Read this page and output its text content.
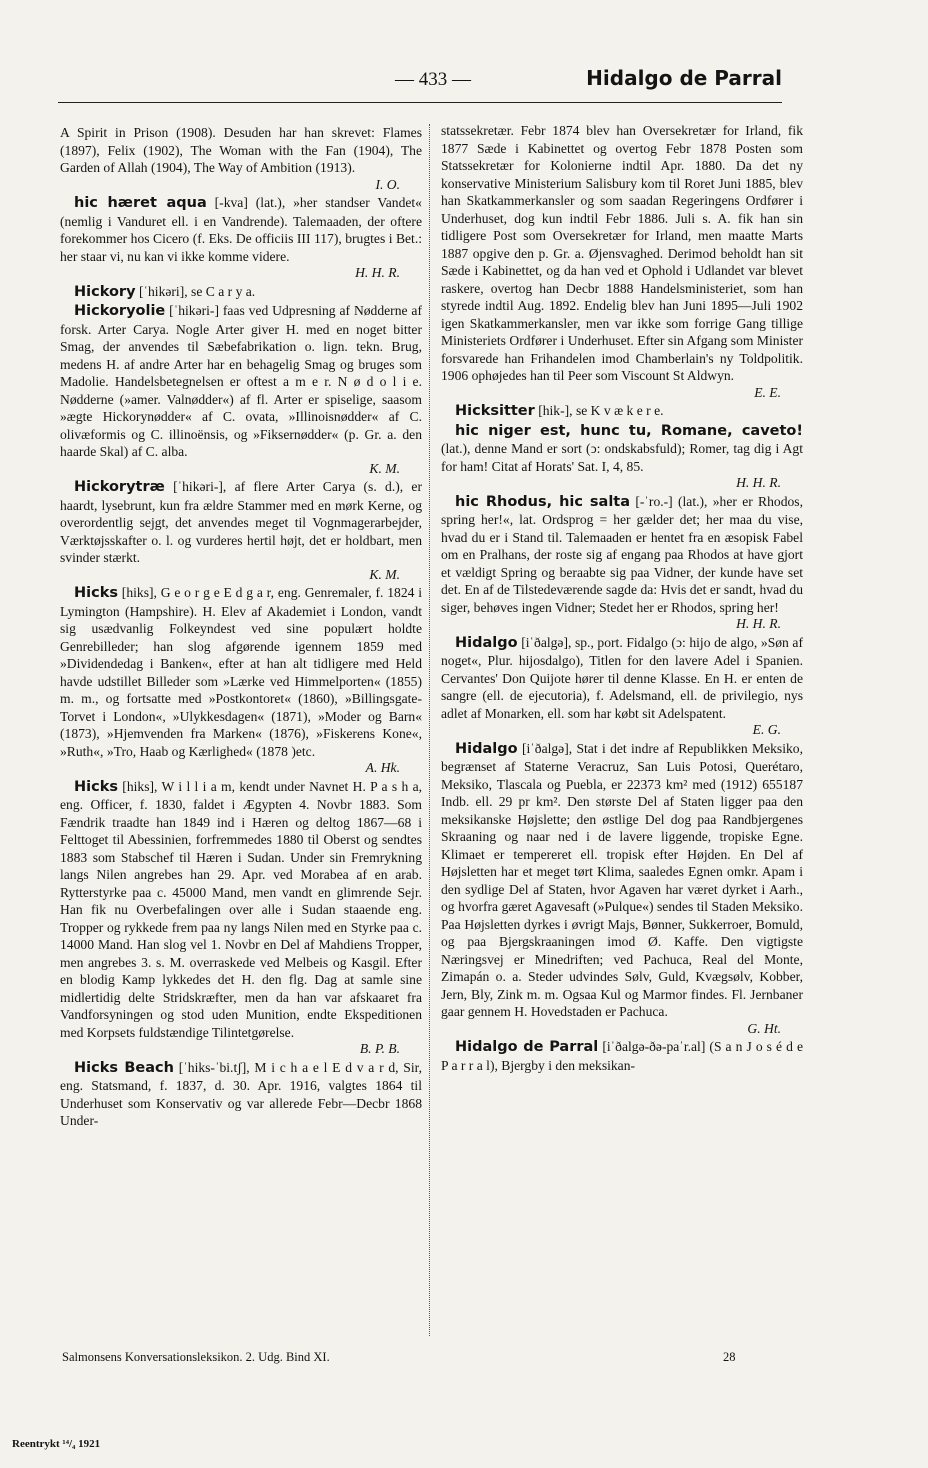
— 433 —	Hidalgo de Parral

A Spirit in Prison (1908). Desuden har han skrevet: Flames (1897), Felix (1902), The Woman with the Fan (1904), The Garden of Allah (1904), The Way of Ambition (1913).
I. O.

hic hæret aqua [-kva] (lat.), »her standser Vandet« (nemlig i Vanduret ell. i en Vandrende). Talemaaden, der oftere forekommer hos Cicero (f. Eks. De officiis III 117), brugtes i Bet.: her staar vi, nu kan vi ikke komme videre.
H. H. R.

Hickory [ˈhikəri], se C a r y a.

Hickoryolie [ˈhikəri-] faas ved Udpresning af Nødderne af forsk. Arter Carya. Nogle Arter giver H. med en noget bitter Smag, der anvendes til Sæbefabrikation o. lign. tekn. Brug, medens H. af andre Arter har en behagelig Smag og bruges som Madolie. Handelsbetegnelsen er oftest a m e r. N ø d o l i e. Nødderne (»amer. Valnødder«) af fl. Arter er spiselige, saasom »ægte Hickorynødder« af C. ovata, »Illinoisnødder« af C. olivæformis og C. illinoënsis, og »Fiksernødder« (p. Gr. a. den haarde Skal) af C. alba.
K. M.

Hickorytræ [ˈhikəri-], af flere Arter Carya (s. d.), er haardt, lysebrunt, kun fra ældre Stammer med en mørk Kerne, og overordentlig sejgt, det anvendes meget til Vognmagerarbejder, Værktøjsskafter o. l. og vurderes hertil højt, det er holdbart, men svinder stærkt.
K. M.

Hicks [hiks], G e o r g e E d g a r, eng. Genremaler, f. 1824 i Lymington (Hampshire). H. Elev af Akademiet i London, vandt sig usædvanlig Folkeyndest ved sine populært holdte Genrebilleder; han slog afgørende igennem 1859 med »Dividendedag i Banken«, efter at han alt tidligere med Held havde udstillet Billeder som »Lærke ved Himmelporten« (1855) m. m., og fortsatte med »Postkontoret« (1860), »Billingsgate-Torvet i London«, »Ulykkesdagen« (1871), »Moder og Barn« (1873), »Hjemvenden fra Marken« (1876), »Fiskerens Kone«, »Ruth«, »Tro, Haab og Kærlighed« (1878 )etc.
A. Hk.

Hicks [hiks], W i l l i a m, kendt under Navnet H. P a s h a, eng. Officer, f. 1830, faldet i Ægypten 4. Novbr 1883. Som Fændrik traadte han 1849 ind i Hæren og deltog 1867—68 i Felttoget til Abessinien, forfremmedes 1880 til Oberst og sendtes 1883 som Stabschef til Hæren i Sudan. Under sin Fremrykning langs Nilen angrebes han 29. Apr. ved Morabea af en arab. Rytterstyrke paa c. 45000 Mand, men vandt en glimrende Sejr. Han fik nu Overbefalingen over alle i Sudan staaende eng. Tropper og rykkede frem paa ny langs Nilen med en Styrke paa c. 14000 Mand. Han slog vel 1. Novbr en Del af Mahdiens Tropper, men angrebes 3. s. M. overraskede ved Melbeis og Kasgil. Efter en blodig Kamp lykkedes det H. den flg. Dag at samle sine midlertidig delte Stridskræfter, men da han var afskaaret fra Vandforsyningen og stod uden Munition, endte Ekspeditionen med Korpsets fuldstændige Tilintetgørelse.
B. P. B.

Hicks Beach [ˈhiks-ˈbi.tʃ], M i c h a e l E d v a r d, Sir, eng. Statsmand, f. 1837, d. 30. Apr. 1916, valgtes 1864 til Underhuset som Konservativ og var allerede Febr—Decbr 1868 Under-

statssekretær. Febr 1874 blev han Oversekretær for Irland, fik 1877 Sæde i Kabinettet og overtog Febr 1878 Posten som Statssekretær for Kolonierne indtil Apr. 1880. Da det ny konservative Ministerium Salisbury kom til Roret Juni 1885, blev han Skatkammerkansler og som saadan Regeringens Ordfører i Underhuset, dog kun indtil Febr 1886. Juli s. A. fik han sin tidligere Post som Oversekretær for Irland, men maatte Marts 1887 opgive den p. Gr. a. Øjensvaghed. Derimod beholdt han sit Sæde i Kabinettet, og da han ved et Ophold i Udlandet var blevet raskere, overtog han Decbr 1888 Handelsministeriet, som han styrede indtil Aug. 1892. Endelig blev han Juni 1895—Juli 1902 igen Skatkammerkansler, men var ikke som forrige Gang tillige Ministeriets Ordfører i Underhuset. Efter sin Afgang som Minister forsvarede han Frihandelen imod Chamberlain's ny Toldpolitik. 1906 ophøjedes han til Peer som Viscount St Aldwyn.
E. E.

Hicksitter [hik-], se K v æ k e r e.

hic niger est, hunc tu, Romane, caveto! (lat.), denne Mand er sort (ↄ: ondskabsfuld); Romer, tag dig i Agt for ham! Citat af Horats' Sat. I, 4, 85.
H. H. R.

hic Rhodus, hic salta [-ˈro.-] (lat.), »her er Rhodos, spring her!«, lat. Ordsprog = her gælder det; her maa du vise, hvad du er i Stand til. Talemaaden er hentet fra en æsopisk Fabel om en Pralhans, der roste sig af engang paa Rhodos at have gjort et vældigt Spring og beraabte sig paa Vidner, der kunde have set det. En af de Tilstedeværende sagde da: Hvis det er sandt, hvad du siger, behøves ingen Vidner; Stedet her er Rhodos, spring her!
H. H. R.

Hidalgo [iˈðalgə], sp., port. Fidalgo (ↄ: hijo de algo, »Søn af noget«, Plur. hijosdalgo), Titlen for den lavere Adel i Spanien. Cervantes' Don Quijote hører til denne Klasse. En H. er enten de sangre (ell. de ejecutoria), f. Adelsmand, ell. de privilegio, nys adlet af Monarken, ell. som har købt sit Adelspatent.
E. G.

Hidalgo [iˈðalgə], Stat i det indre af Republikken Meksiko, begrænset af Staterne Veracruz, San Luis Potosi, Querétaro, Meksiko, Tlascala og Puebla, er 22373 km² med (1912) 655187 Indb. ell. 29 pr km². Den største Del af Staten ligger paa den meksikanske Højslette; den østlige Del dog paa Randbjergenes Skraaning og naar ned i de lavere liggende, tropiske Egne. Klimaet er tempereret ell. tropisk efter Højden. En Del af Højsletten har et meget tørt Klima, saaledes Egnen omkr. Apam i den sydlige Del af Staten, hvor Agaven har været dyrket i Aarh., og hvorfra gæret Agavesaft (»Pulque«) sendes til Staden Meksiko. Paa Højsletten dyrkes i øvrigt Majs, Bønner, Sukkerroer, Bomuld, og paa Bjergskraaningen imod Ø. Kaffe. Den vigtigste Næringsvej er Minedriften; ved Pachuca, Real del Monte, Zimapán o. a. Steder udvindes Sølv, Guld, Kvægsølv, Kobber, Jern, Bly, Zink m. m. Ogsaa Kul og Marmor findes. Fl. Jernbaner gaar gennem H. Hovedstaden er Pachuca.
G. Ht.

Hidalgo de Parral [iˈðalgə-ðə-paˈr.al] (S a n J o s é d e P a r r a l), Bjergby i den meksikan-

Salmonsens Konversationsleksikon. 2. Udg. Bind XI.	28
Reentrykt ¹⁴/₄ 1921
